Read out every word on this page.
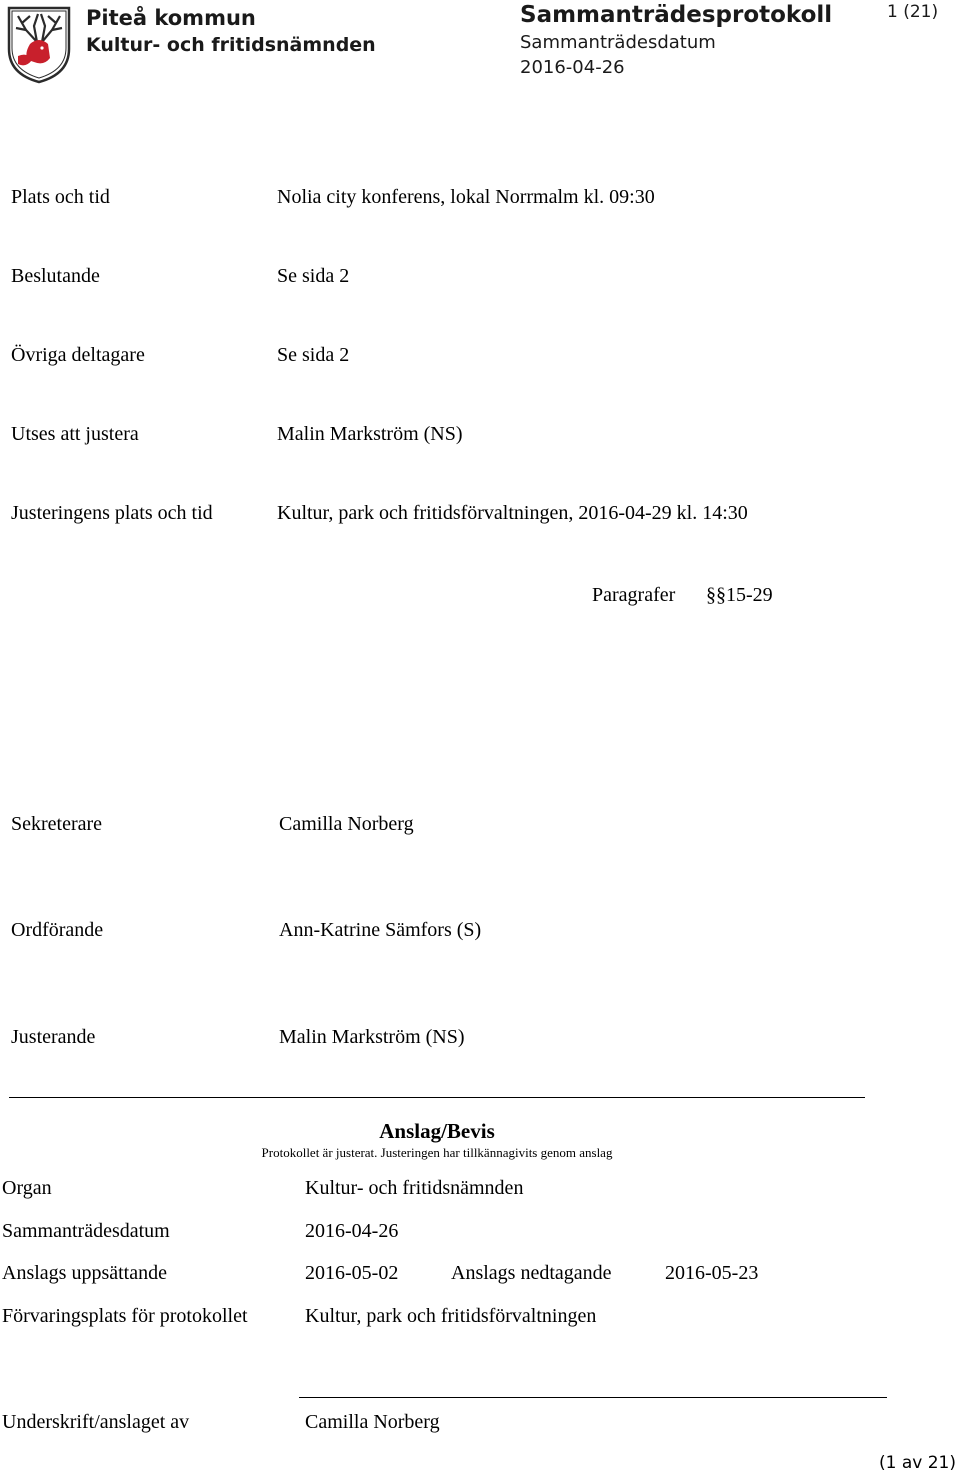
Piteå kommun
Kultur- och fritidsnämnden
Sammanträdesprotokoll
Sammanträdesdatum
2016-04-26
1 (21)
Plats och tid	Nolia city konferens, lokal Norrmalm kl. 09:30
Beslutande	Se sida 2
Övriga deltagare	Se sida 2
Utses att justera	Malin Markström (NS)
Justeringens plats och tid	Kultur, park och fritidsförvaltningen, 2016-04-29 kl. 14:30
Paragrafer §§15-29
Sekreterare	Camilla Norberg
Ordförande	Ann-Katrine Sämfors (S)
Justerande	Malin Markström (NS)
Anslag/Bevis
Protokollet är justerat. Justeringen har tillkännagivits genom anslag
Organ	Kultur- och fritidsnämnden
Sammanträdesdatum	2016-04-26
Anslags uppsättande	2016-05-02	Anslags nedtagande	2016-05-23
Förvaringsplats för protokollet	Kultur, park och fritidsförvaltningen
Underskrift/anslaget av	Camilla Norberg
(1 av 21)
